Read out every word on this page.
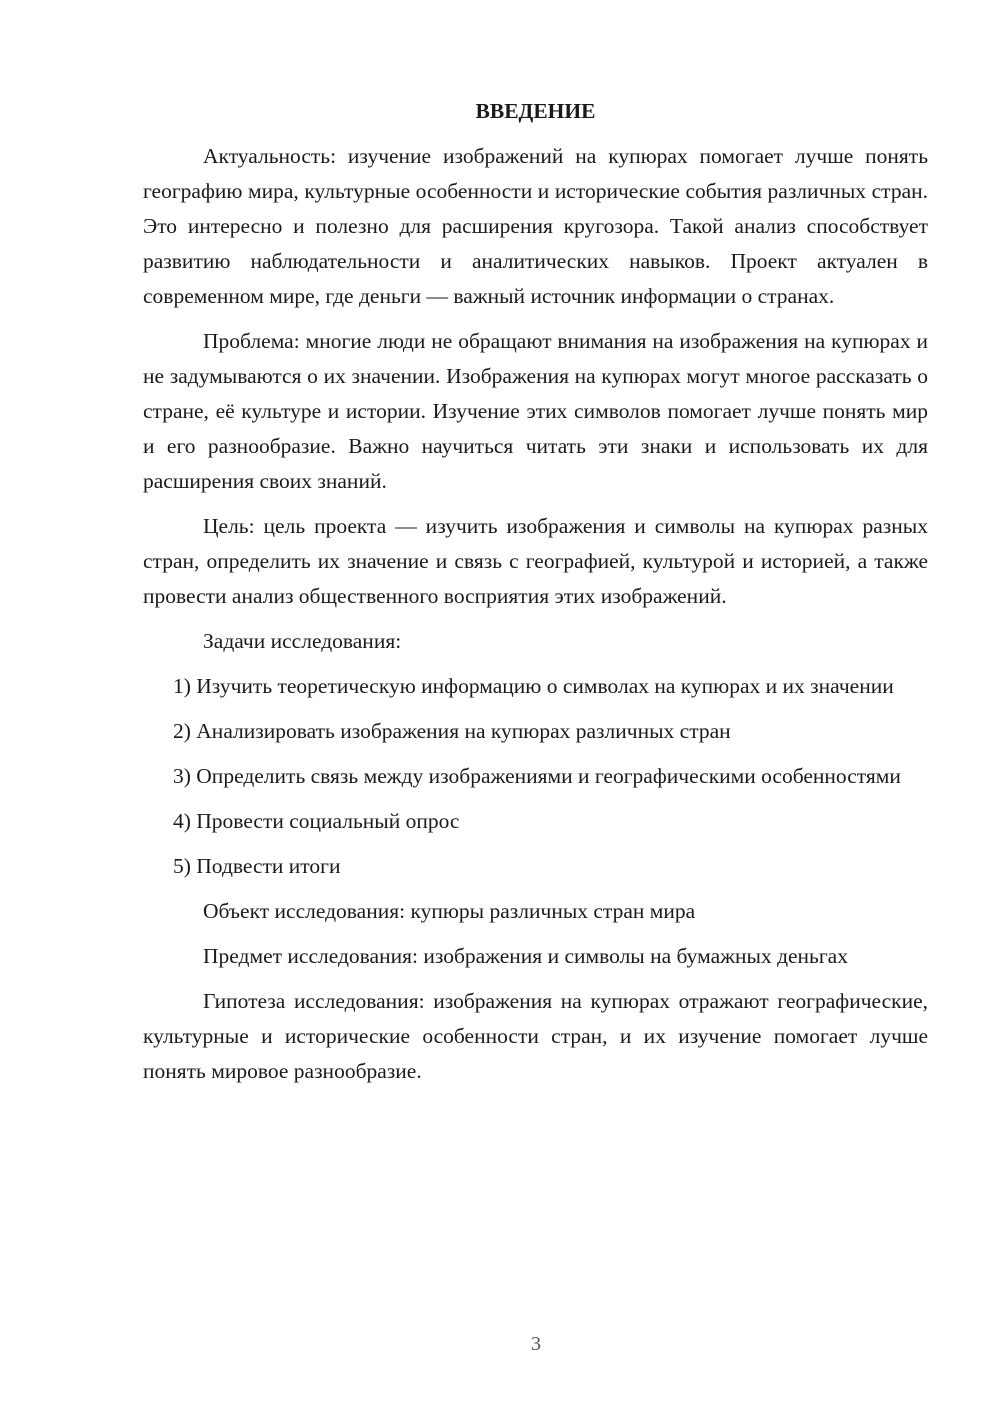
ВВЕДЕНИЕ

Актуальность: изучение изображений на купюрах помогает лучше понять географию мира, культурные особенности и исторические события различных стран. Это интересно и полезно для расширения кругозора. Такой анализ способствует развитию наблюдательности и аналитических навыков. Проект актуален в современном мире, где деньги — важный источник информации о странах.

Проблема: многие люди не обращают внимания на изображения на купюрах и не задумываются о их значении. Изображения на купюрах могут многое рассказать о стране, её культуре и истории. Изучение этих символов помогает лучше понять мир и его разнообразие. Важно научиться читать эти знаки и использовать их для расширения своих знаний.

Цель: цель проекта — изучить изображения и символы на купюрах разных стран, определить их значение и связь с географией, культурой и историей, а также провести анализ общественного восприятия этих изображений.

Задачи исследования:

1) Изучить теоретическую информацию о символах на купюрах и их значении

2) Анализировать изображения на купюрах различных стран

3) Определить связь между изображениями и географическими особенностями

4) Провести социальный опрос

5) Подвести итоги

Объект исследования: купюры различных стран мира

Предмет исследования: изображения и символы на бумажных деньгах

Гипотеза исследования: изображения на купюрах отражают географические, культурные и исторические особенности стран, и их изучение помогает лучше понять мировое разнообразие.

3
